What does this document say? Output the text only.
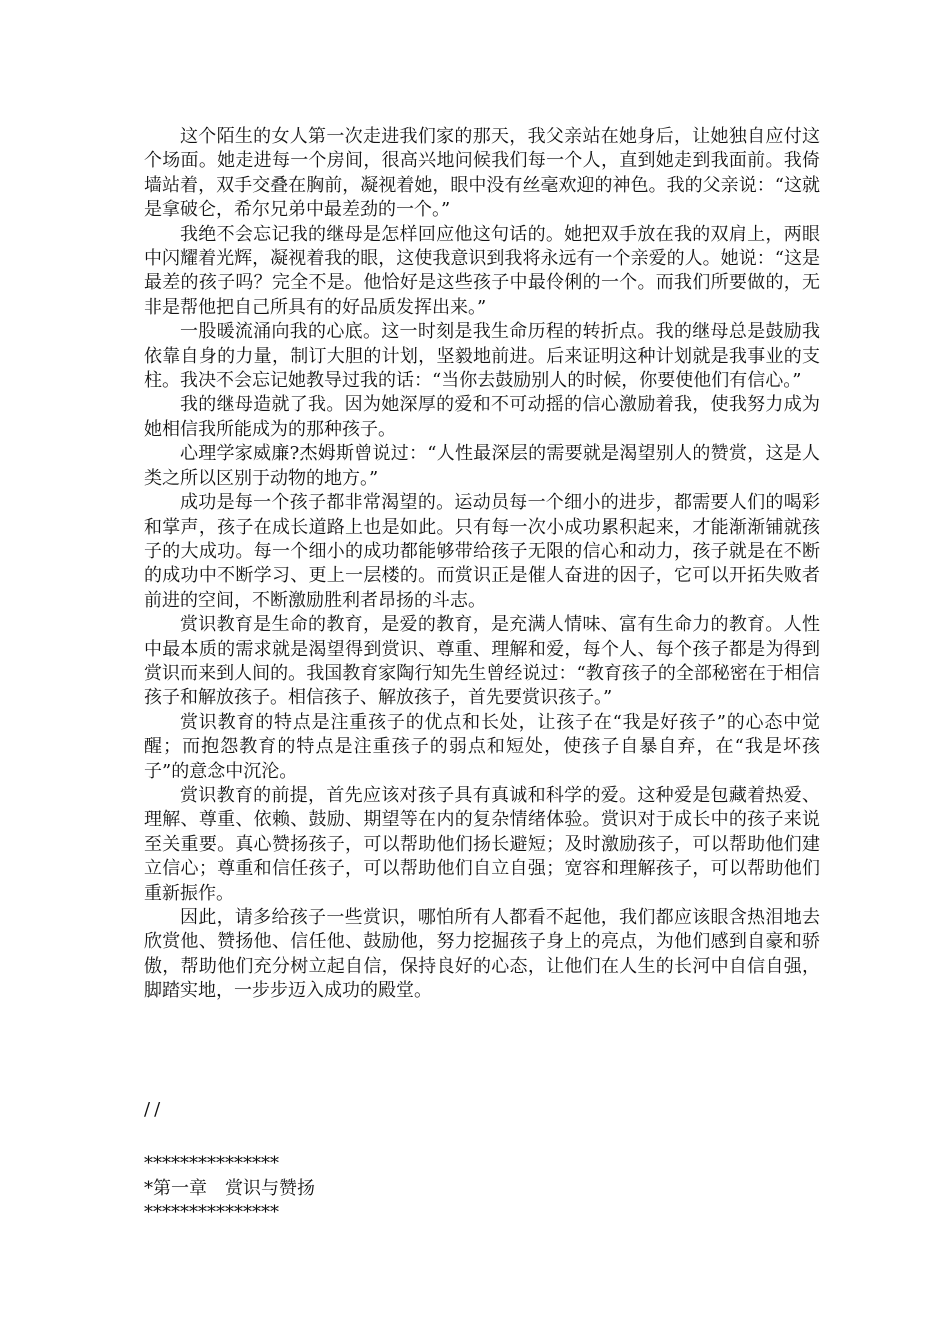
这个陌生的女人第一次走进我们家的那天，我父亲站在她身后，让她独自应付这个场面。她走进每一个房间，很高兴地问候我们每一个人，直到她走到我面前。我倚墙站着，双手交叠在胸前，凝视着她，眼中没有丝毫欢迎的神色。我的父亲说：“这就是拿破仑，希尔兄弟中最差劲的一个。”

我绝不会忘记我的继母是怎样回应他这句话的。她把双手放在我的双肩上，两眼中闪耀着光辉，凝视着我的眼，这使我意识到我将永远有一个亲爱的人。她说：“这是最差的孩子吗？完全不是。他恰好是这些孩子中最伶俐的一个。而我们所要做的，无非是帮他把自己所具有的好品质发挥出来。”

一股暖流涌向我的心底。这一时刻是我生命历程的转折点。我的继母总是鼓励我依靠自身的力量，制订大胆的计划，坚毅地前进。后来证明这种计划就是我事业的支柱。我决不会忘记她教导过我的话：“当你去鼓励别人的时候，你要使他们有信心。”

我的继母造就了我。因为她深厚的爱和不可动摇的信心激励着我，使我努力成为她相信我所能成为的那种孩子。

心理学家威廉?杰姆斯曾说过：“人性最深层的需要就是渴望别人的赞赏，这是人类之所以区别于动物的地方。”

成功是每一个孩子都非常渴望的。运动员每一个细小的进步，都需要人们的喝彩和掌声，孩子在成长道路上也是如此。只有每一次小成功累积起来，才能渐渐铺就孩子的大成功。每一个细小的成功都能够带给孩子无限的信心和动力，孩子就是在不断的成功中不断学习、更上一层楼的。而赏识正是催人奋进的因子，它可以开拓失败者前进的空间，不断激励胜利者昂扬的斗志。

赏识教育是生命的教育，是爱的教育，是充满人情味、富有生命力的教育。人性中最本质的需求就是渴望得到赏识、尊重、理解和爱，每个人、每个孩子都是为得到赏识而来到人间的。我国教育家陶行知先生曾经说过：“教育孩子的全部秘密在于相信孩子和解放孩子。相信孩子、解放孩子，首先要赏识孩子。”

赏识教育的特点是注重孩子的优点和长处，让孩子在“我是好孩子”的心态中觉醒；而抱怨教育的特点是注重孩子的弱点和短处，使孩子自暴自弃，在“我是坏孩子”的意念中沉沦。

赏识教育的前提，首先应该对孩子具有真诚和科学的爱。这种爱是包藏着热爱、理解、尊重、依赖、鼓励、期望等在内的复杂情绪体验。赏识对于成长中的孩子来说至关重要。真心赞扬孩子，可以帮助他们扬长避短；及时激励孩子，可以帮助他们建立信心；尊重和信任孩子，可以帮助他们自立自强；宽容和理解孩子，可以帮助他们重新振作。

因此，请多给孩子一些赏识，哪怕所有人都看不起他，我们都应该眼含热泪地去欣赏他、赞扬他、信任他、鼓励他，努力挖掘孩子身上的亮点，为他们感到自豪和骄傲，帮助他们充分树立起自信，保持良好的心态，让他们在人生的长河中自信自强，脚踏实地，一步步迈入成功的殿堂。

//
***************
*第一章　赏识与赞扬
***************
